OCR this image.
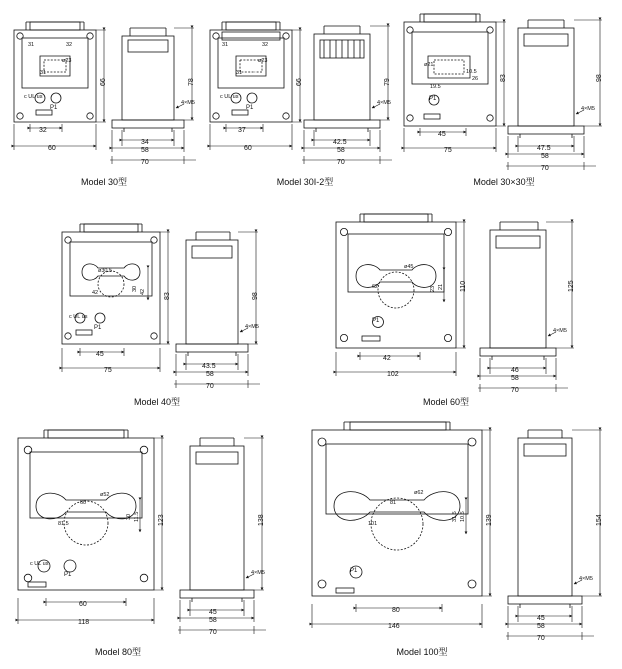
31	32
ø23
31
32
60
66
34
58
70
78
4×M5
c UL us
P1
Model 30型
31	32
ø23
31
37
60
66
42.5
58
70
79
4×M5
c UL us
P1
Model 30I-2型
ø21
10.5
26
19.5
45
75
83
47.5
58
70
98
4×M5
P1
Model 30×30型
ø30.5
42	42
30
45
75
83
43.5
58
70
98
4×M5
c UL us
P1
Model 40型
ø45
62	21
23
42
102
110
46
58
70
125
4×M5
P1
Model 60型
ø52
60
81.5
11.5
30
60
118
123
45
58
70
138
4×M5
c UL us
P1
Model 80型
ø62
81
101
10.5
31.5
80
146
139
45
58
70
154
4×M5
P1
Model 100型
